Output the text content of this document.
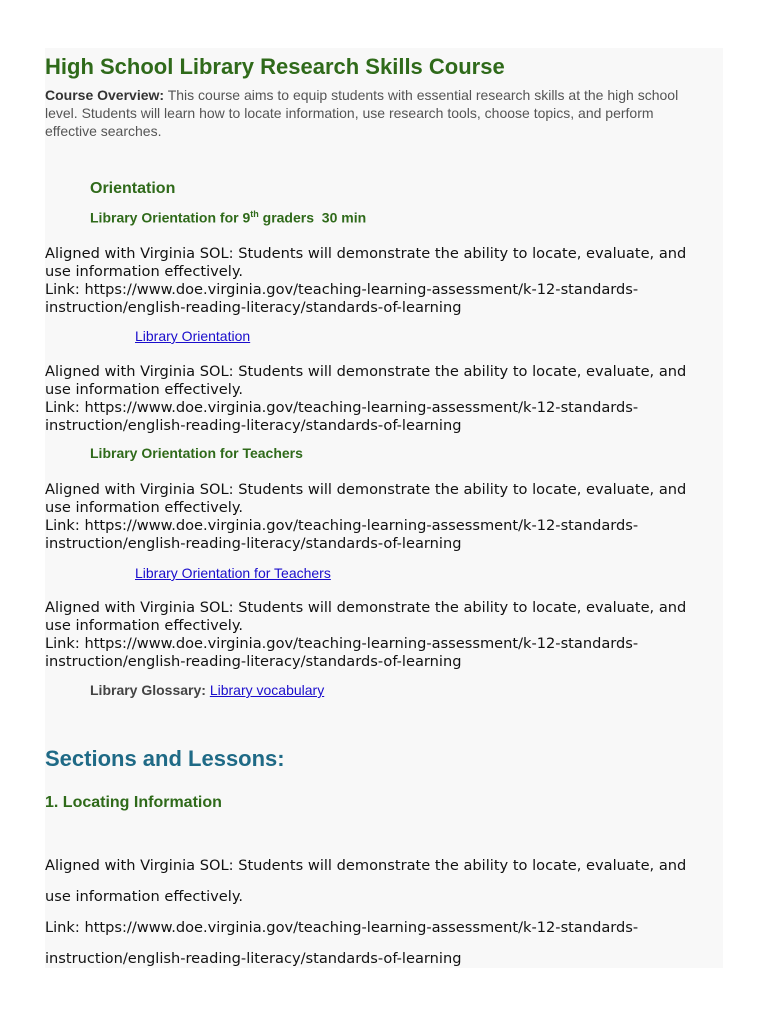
High School Library Research Skills Course
Course Overview: This course aims to equip students with essential research skills at the high school level. Students will learn how to locate information, use research tools, choose topics, and perform effective searches.
Orientation
Library Orientation for 9th graders  30 min
Aligned with Virginia SOL: Students will demonstrate the ability to locate, evaluate, and
use information effectively.
Link: https://www.doe.virginia.gov/teaching-learning-assessment/k-12-standards-
instruction/english-reading-literacy/standards-of-learning
Library Orientation
Aligned with Virginia SOL: Students will demonstrate the ability to locate, evaluate, and
use information effectively.
Link: https://www.doe.virginia.gov/teaching-learning-assessment/k-12-standards-
instruction/english-reading-literacy/standards-of-learning
Library Orientation for Teachers
Aligned with Virginia SOL: Students will demonstrate the ability to locate, evaluate, and
use information effectively.
Link: https://www.doe.virginia.gov/teaching-learning-assessment/k-12-standards-
instruction/english-reading-literacy/standards-of-learning
Library Orientation for Teachers
Aligned with Virginia SOL: Students will demonstrate the ability to locate, evaluate, and
use information effectively.
Link: https://www.doe.virginia.gov/teaching-learning-assessment/k-12-standards-
instruction/english-reading-literacy/standards-of-learning
Library Glossary: Library vocabulary
Sections and Lessons:
1. Locating Information
Aligned with Virginia SOL: Students will demonstrate the ability to locate, evaluate, and
use information effectively.
Link: https://www.doe.virginia.gov/teaching-learning-assessment/k-12-standards-
instruction/english-reading-literacy/standards-of-learning
